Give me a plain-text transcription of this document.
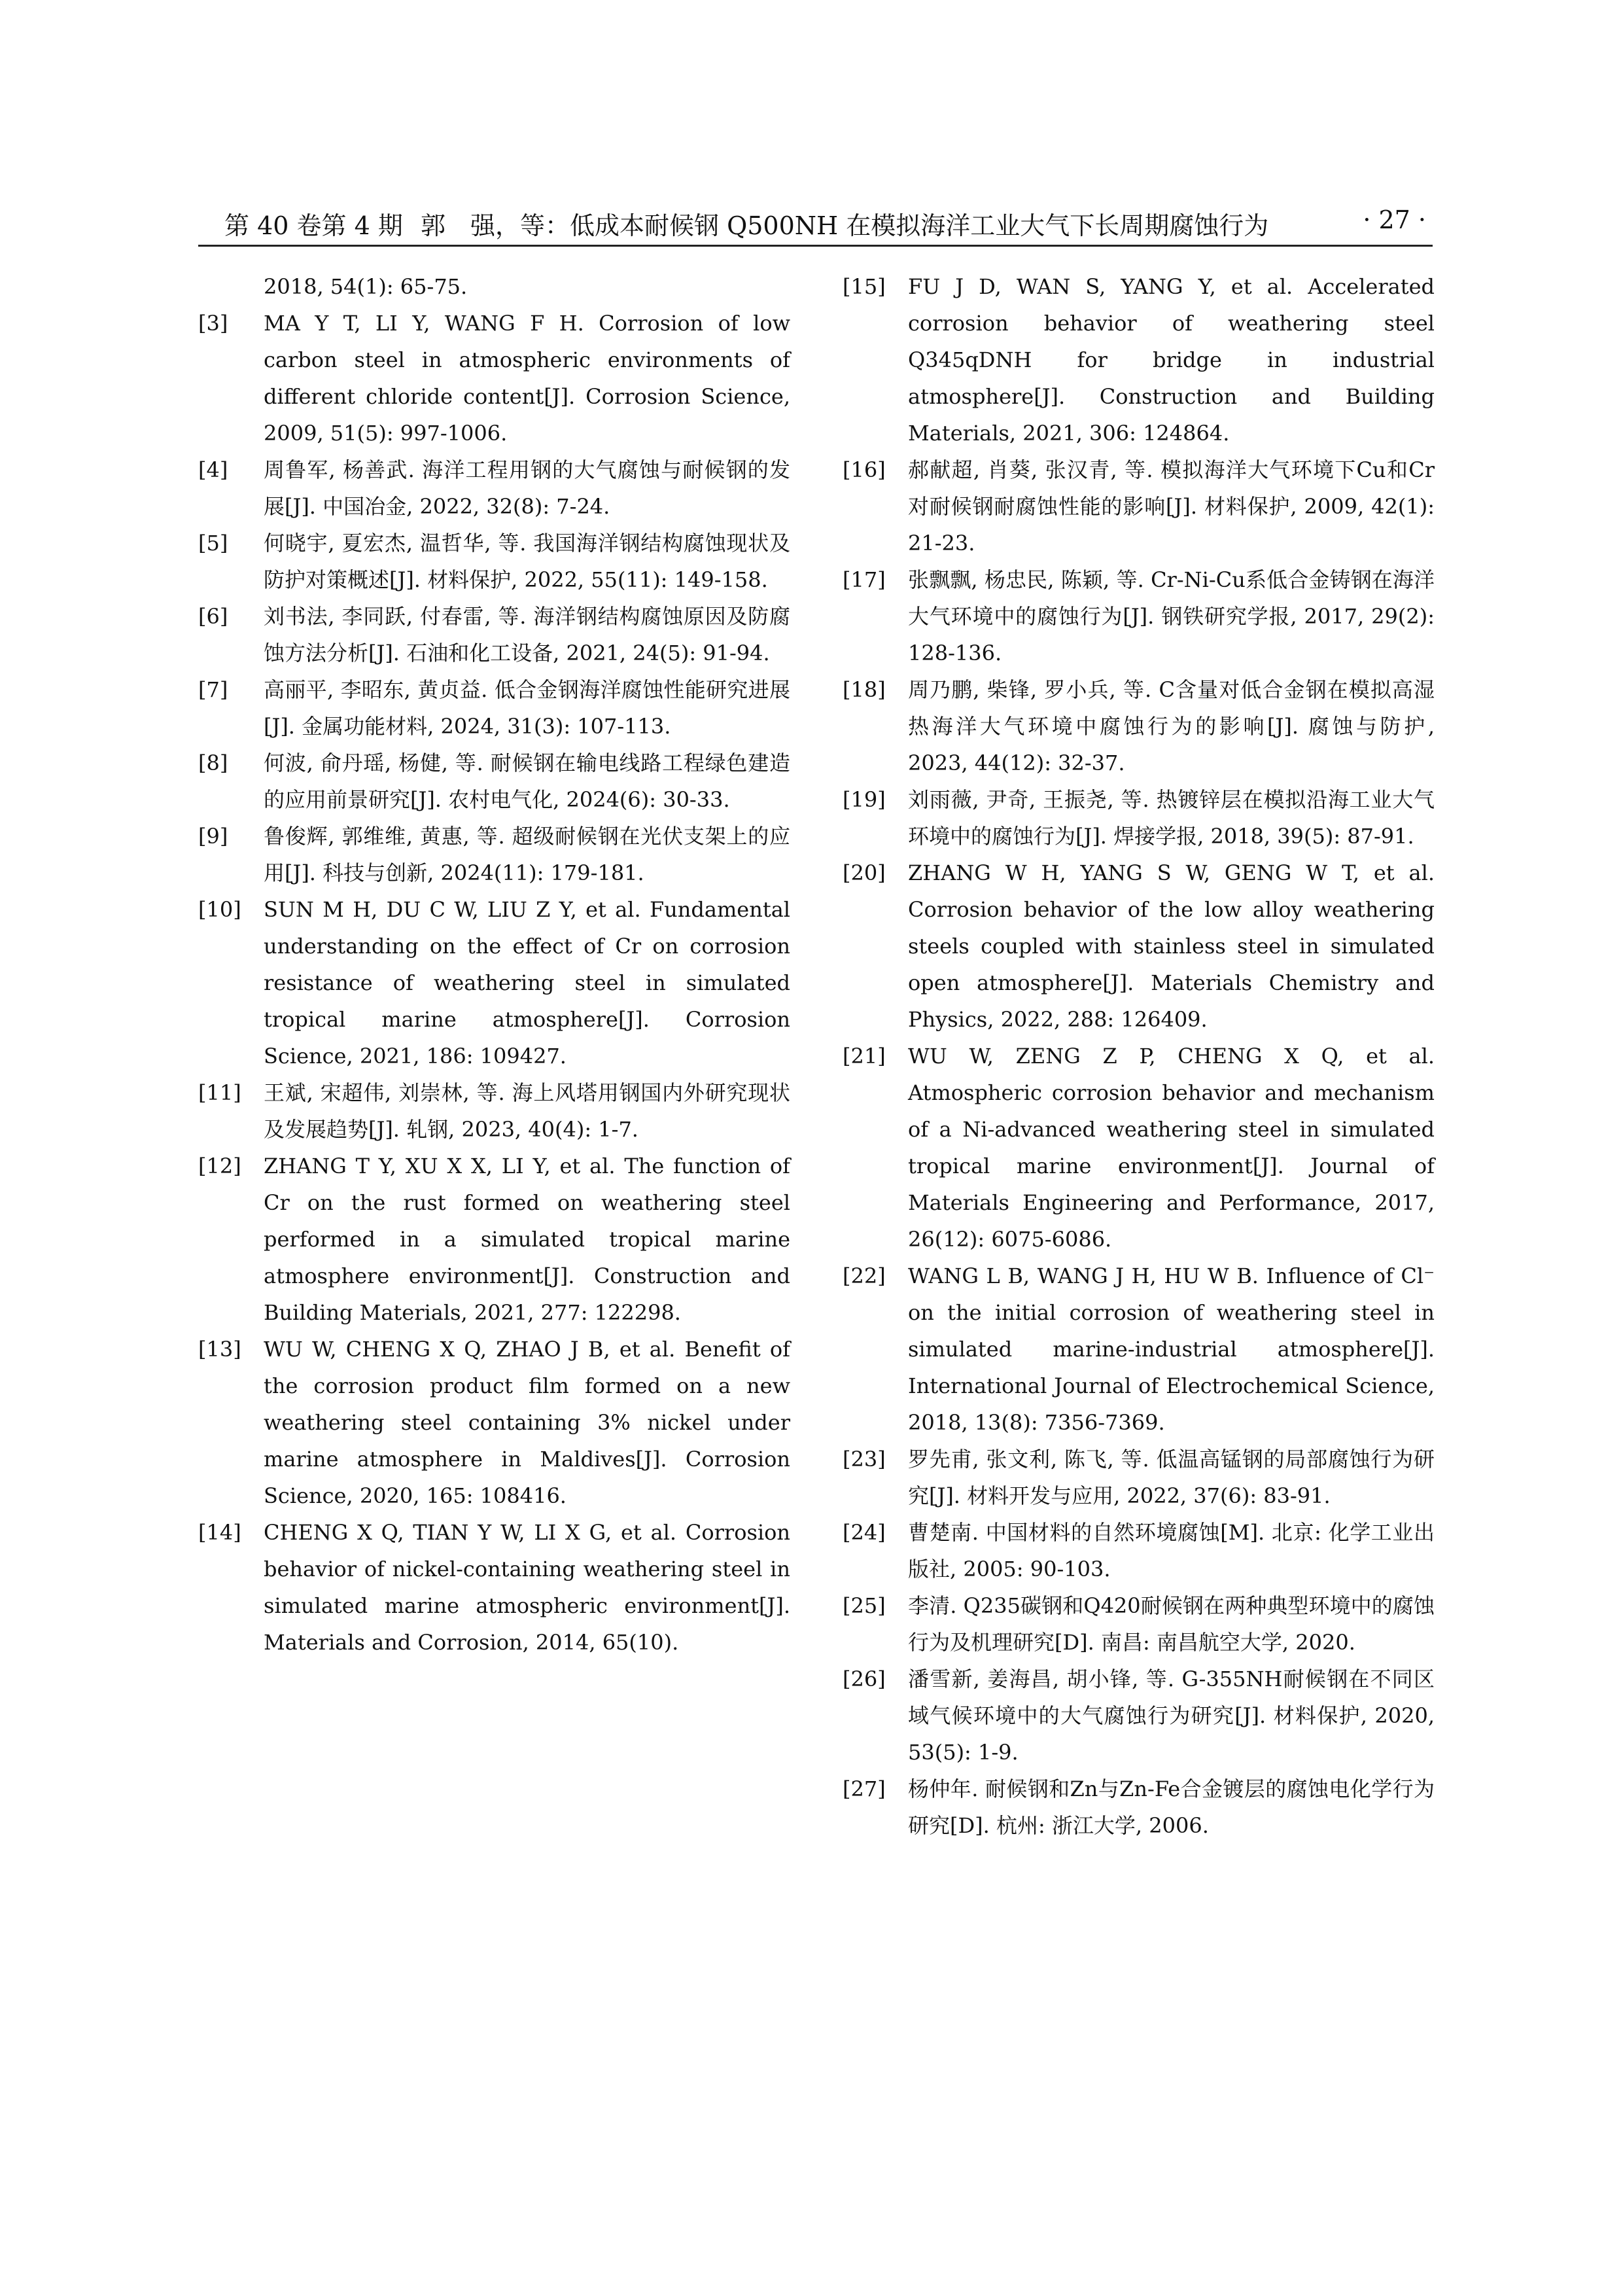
第 40 卷第 4 期 郭　强，等：低成本耐候钢 Q500NH 在模拟海洋工业大气下长周期腐蚀行为	· 27 ·
2018, 54(1): 65-75.
[3]	MA Y T, LI Y, WANG F H. Corrosion of low carbon steel in atmospheric environments of different chloride content[J]. Corrosion Science, 2009, 51(5): 997-1006.
[4]	周鲁军, 杨善武. 海洋工程用钢的大气腐蚀与耐候钢的发展[J]. 中国冶金, 2022, 32(8): 7-24.
[5]	何晓宇, 夏宏杰, 温哲华, 等. 我国海洋钢结构腐蚀现状及防护对策概述[J]. 材料保护, 2022, 55(11): 149-158.
[6]	刘书法, 李同跃, 付春雷, 等. 海洋钢结构腐蚀原因及防腐蚀方法分析[J]. 石油和化工设备, 2021, 24(5): 91-94.
[7]	高丽平, 李昭东, 黄贞益. 低合金钢海洋腐蚀性能研究进展[J]. 金属功能材料, 2024, 31(3): 107-113.
[8]	何波, 俞丹瑶, 杨健, 等. 耐候钢在输电线路工程绿色建造的应用前景研究[J]. 农村电气化, 2024(6): 30-33.
[9]	鲁俊辉, 郭维维, 黄惠, 等. 超级耐候钢在光伏支架上的应用[J]. 科技与创新, 2024(11): 179-181.
[10]	SUN M H, DU C W, LIU Z Y, et al. Fundamental understanding on the effect of Cr on corrosion resistance of weathering steel in simulated tropical marine atmosphere[J]. Corrosion Science, 2021, 186: 109427.
[11]	王斌, 宋超伟, 刘崇林, 等. 海上风塔用钢国内外研究现状及发展趋势[J]. 轧钢, 2023, 40(4): 1-7.
[12]	ZHANG T Y, XU X X, LI Y, et al. The function of Cr on the rust formed on weathering steel performed in a simulated tropical marine atmosphere environment[J]. Construction and Building Materials, 2021, 277: 122298.
[13]	WU W, CHENG X Q, ZHAO J B, et al. Benefit of the corrosion product film formed on a new weathering steel containing 3% nickel under marine atmosphere in Maldives[J]. Corrosion Science, 2020, 165: 108416.
[14]	CHENG X Q, TIAN Y W, LI X G, et al. Corrosion behavior of nickel-containing weathering steel in simulated marine atmospheric environment[J]. Materials and Corrosion, 2014, 65(10).
[15]	FU J D, WAN S, YANG Y, et al. Accelerated corrosion behavior of weathering steel Q345qDNH for bridge in industrial atmosphere[J]. Construction and Building Materials, 2021, 306: 124864.
[16]	郝献超, 肖葵, 张汉青, 等. 模拟海洋大气环境下Cu和Cr对耐候钢耐腐蚀性能的影响[J]. 材料保护, 2009, 42(1): 21-23.
[17]	张飘飘, 杨忠民, 陈颖, 等. Cr-Ni-Cu系低合金铸钢在海洋大气环境中的腐蚀行为[J]. 钢铁研究学报, 2017, 29(2): 128-136.
[18]	周乃鹏, 柴锋, 罗小兵, 等. C含量对低合金钢在模拟高湿热海洋大气环境中腐蚀行为的影响[J]. 腐蚀与防护, 2023, 44(12): 32-37.
[19]	刘雨薇, 尹奇, 王振尧, 等. 热镀锌层在模拟沿海工业大气环境中的腐蚀行为[J]. 焊接学报, 2018, 39(5): 87-91.
[20]	ZHANG W H, YANG S W, GENG W T, et al. Corrosion behavior of the low alloy weathering steels coupled with stainless steel in simulated open atmosphere[J]. Materials Chemistry and Physics, 2022, 288: 126409.
[21]	WU W, ZENG Z P, CHENG X Q, et al. Atmospheric corrosion behavior and mechanism of a Ni-advanced weathering steel in simulated tropical marine environment[J]. Journal of Materials Engineering and Performance, 2017, 26(12): 6075-6086.
[22]	WANG L B, WANG J H, HU W B. Influence of Cl⁻ on the initial corrosion of weathering steel in simulated marine-industrial atmosphere[J]. International Journal of Electrochemical Science, 2018, 13(8): 7356-7369.
[23]	罗先甫, 张文利, 陈飞, 等. 低温高锰钢的局部腐蚀行为研究[J]. 材料开发与应用, 2022, 37(6): 83-91.
[24]	曹楚南. 中国材料的自然环境腐蚀[M]. 北京: 化学工业出版社, 2005: 90-103.
[25]	李清. Q235碳钢和Q420耐候钢在两种典型环境中的腐蚀行为及机理研究[D]. 南昌: 南昌航空大学, 2020.
[26]	潘雪新, 姜海昌, 胡小锋, 等. G-355NH耐候钢在不同区域气候环境中的大气腐蚀行为研究[J]. 材料保护, 2020, 53(5): 1-9.
[27]	杨仲年. 耐候钢和Zn与Zn-Fe合金镀层的腐蚀电化学行为研究[D]. 杭州: 浙江大学, 2006.
